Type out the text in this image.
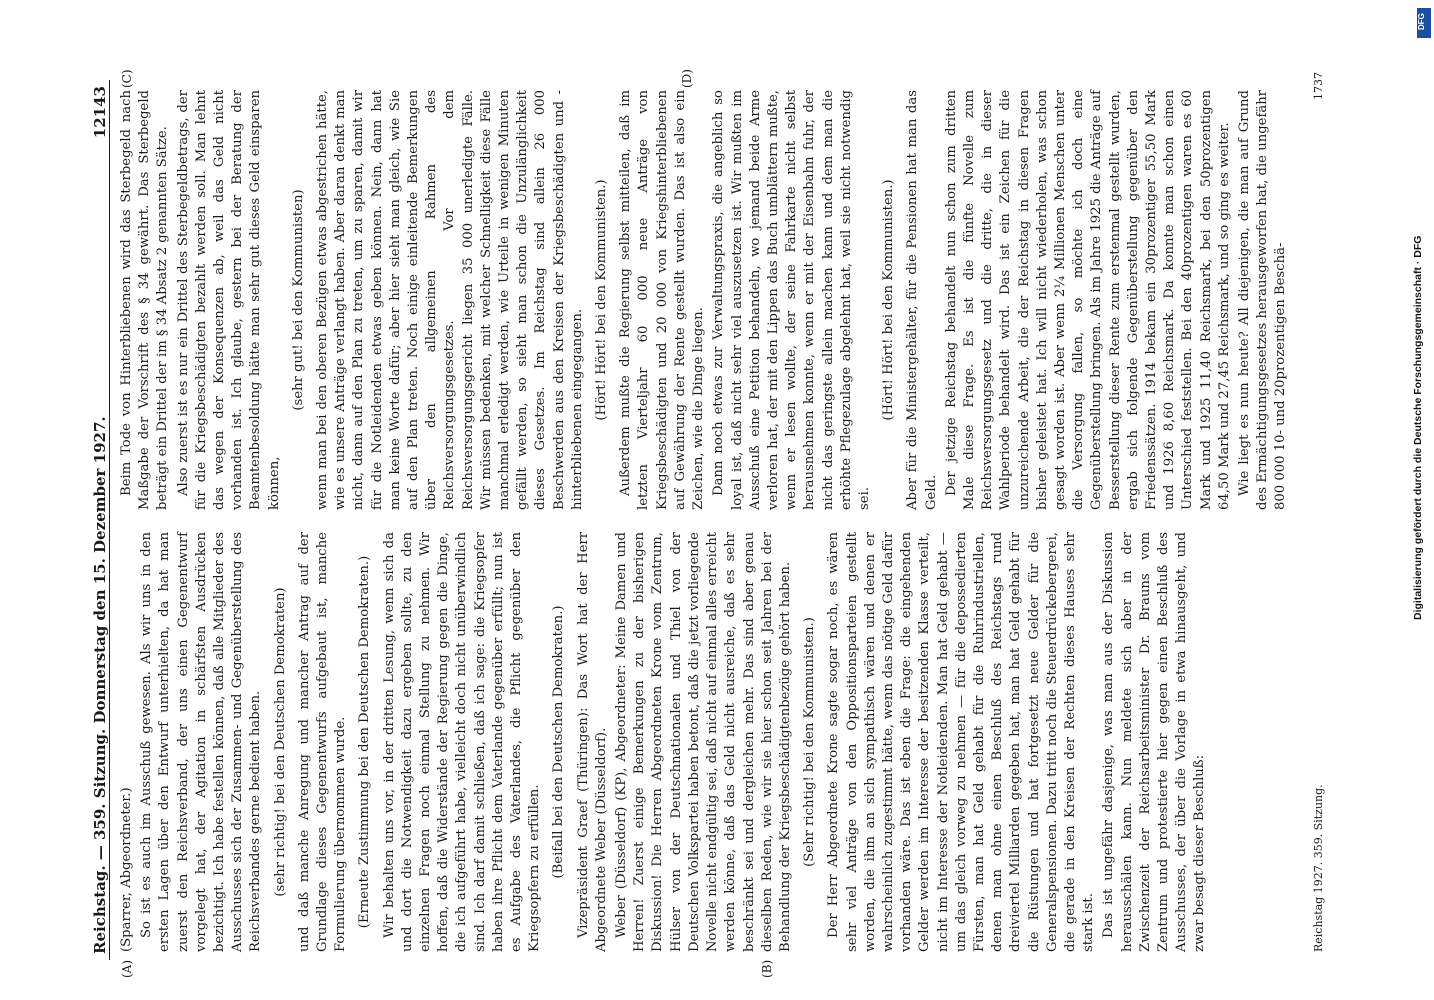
Reichstag. — 359. Sitzung. Donnerstag den 15. Dezember 1927.
12143
(A)	(B)
(C)	(D)

(Sparrer, Abgeordneter.) So ist es auch im Ausschuß gewesen. Als wir uns in den ersten Lagen über den Entwurf unterhielten, da hat man zuerst den Reichsverband, der uns einen Gegenentwurf vorgelegt hat, der Agitation in schärfsten Ausdrücken bezichtigt. Ich habe festellen können, daß alle Mitglieder des Ausschusses sich der Zusammen- und Gegenüberstellung des Reichsverbandes gerne bedient haben. (sehr richtig! bei den Deutschen Demokraten) und daß manche Anregung und mancher Antrag auf der Grundlage dieses Gegenentwurfs aufgebaut ist, manche Formulierung übernommen wurde. (Erneute Zustimmung bei den Deutschen Demokraten.) Wir behalten uns vor, in der dritten Lesung, wenn sich da und dort die Notwendigkeit dazu ergeben sollte, zu den einzelnen Fragen noch einmal Stellung zu nehmen. Wir hoffen, daß die Widerstände der Regierung gegen die Dinge, die ich aufgeführt habe, vielleicht doch nicht unüberwindlich sind. Ich darf damit schließen, daß ich sage: die Kriegsopfer haben ihre Pflicht dem Vaterlande gegenüber erfüllt; nun ist es Aufgabe des Vaterlandes, die Pflicht gegenüber den Kriegsopfern zu erfüllen. (Beifall bei den Deutschen Demokraten.) Vizepräsident Graef (Thüringen): Das Wort hat der Herr Abgeordnete Weber (Düsseldorf). Weber (Düsseldorf) (KP), Abgeordneter: Meine Damen und Herren! Zuerst einige Bemerkungen zu der bisherigen Diskussion! Die Herren Abgeordneten Krone vom Zentrum, Hülser von der Deutschnationalen und Thiel von der Deutschen Volkspartei haben betont, daß die jetzt vorliegende Novelle nicht endgültig sei, daß nicht auf einmal alles erreicht werden könne, daß das Geld nicht ausreiche, daß es sehr beschränkt sei und dergleichen mehr. Das sind aber genau dieselben Reden, wie wir sie hier schon seit Jahren bei der Behandlung der Kriegsbeschädigtenbezüge gehört haben. (Sehr richtig! bei den Kommunisten.) Der Herr Abgeordnete Krone sagte sogar noch, es wären sehr viel Anträge von den Oppositionsparteien gestellt worden, die ihm an sich sympathisch wären und denen er wahrscheinlich zugestimmt hätte, wenn das nötige Geld dafür vorhanden wäre. Das ist eben die Frage: die eingehenden Gelder werden im Interesse der besitzenden Klasse verteilt, nicht im Interesse der Notleidenden. Man hat Geld gehabt — um das gleich vorweg zu nehmen — für die depossedierten Fürsten, man hat Geld gehabt für die Ruhrindustriellen, denen man ohne einen Beschluß des Reichstags rund dreiviertel Milliarden gegeben hat, man hat Geld gehabt für die Rüstungen und hat fortgesetzt neue Gelder für die Generalspensionen. Dazu tritt noch die Steuerdrückebergerei, die gerade in den Kreisen der Rechten dieses Hauses sehr stark ist. Das ist ungefähr dasjenige, was man aus der Diskussion herausschälen kann. Nun meldete sich aber in der Zwischenzeit der Reichsarbeitsminister Dr. Brauns vom Zentrum und protestierte hier gegen einen Beschluß des Ausschusses, der über die Vorlage in etwa hinausgeht, und zwar besagt dieser Beschluß:

Beim Tode von Hinterbliebenen wird das Sterbegeld nach Maßgabe der Vorschrift des § 34 gewährt. Das Sterbegeld beträgt ein Drittel der im § 34 Absatz 2 genannten Sätze. Also zuerst ist es nur ein Drittel des Sterbegeldbetrags, der für die Kriegsbeschädigten bezahlt werden soll. Man lehnt das wegen der Konsequenzen ab, weil das Geld nicht vorhanden ist. Ich glaube, gestern bei der Beratung der Beamtenbesoldung hätte man sehr gut dieses Geld einsparen können,

(sehr gut! bei den Kommunisten) wenn man bei den oberen Bezügen etwas abgestrichen hätte, wie es unsere Anträge verlangt haben. Aber daran denkt man nicht, dann auf den Plan zu treten, um zu sparen, damit wir für die Notleidenden etwas geben können. Nein, dann hat man keine Worte dafür; aber hier sieht man gleich, wie Sie auf den Plan treten. Noch einige einleitende Bemerkungen über den allgemeinen Rahmen des Reichsversorgungsgesetzes. Vor dem Reichsversorgungsgericht liegen 35 000 unerledigte Fälle. Wir müssen bedenken, mit welcher Schnelligkeit diese Fälle manchmal erledigt werden, wie Urteile in wenigen Minuten gefällt werden, so sieht man schon die Unzulänglichkeit dieses Gesetzes. Im Reichstag sind allein 26 000 Beschwerden aus den Kreisen der Kriegsbeschädigten und -hinterbliebenen eingegangen. (Hört! Hört! bei den Kommunisten.) Außerdem mußte die Regierung selbst mitteilen, daß im letzten Vierteljahr 60 000 neue Anträge von Kriegsbeschädigten und 20 000 von Kriegshinterbliebenen auf Gewährung der Rente gestellt wurden. Das ist also ein Zeichen, wie die Dinge liegen. Dann noch etwas zur Verwaltungspraxis, die angeblich so loyal ist, daß nicht sehr viel auszusetzen ist. Wir mußten im Ausschuß eine Petition behandeln, wo jemand beide Arme verloren hat, der mit den Lippen das Buch umblättern mußte, wenn er lesen wollte, der seine Fahrkarte nicht selbst herausnehmen konnte, wenn er mit der Eisenbahn fuhr, der nicht das geringste allein machen kann und dem man die erhöhte Pflegezulage abgelehnt hat, weil sie nicht notwendig sei.

(Hört! Hört! bei den Kommunisten.) Aber für die Ministergehälter, für die Pensionen hat man das Geld. Der jetzige Reichstag behandelt nun schon zum dritten Male diese Frage. Es ist die fünfte Novelle zum Reichsversorgungsgesetz und die dritte, die in dieser Wahlperiode behandelt wird. Das ist ein Zeichen für die unzureichende Arbeit, die der Reichstag in diesen Fragen bisher geleistet hat. Ich will nicht wiederholen, was schon gesagt worden ist. Aber wenn 2¼ Millionen Menschen unter die Versorgung fallen, so möchte ich doch eine Gegenüberstellung bringen. Als im Jahre 1925 die Anträge auf Besserstellung dieser Rente zum erstenmal gestellt wurden, ergab sich folgende Gegenüberstellung gegenüber den Friedenssätzen. 1914 bekam ein 30prozentiger 55,50 Mark und 1926 8,60 Reichsmark. Da konnte man schon einen Unterschied feststellen. Bei den 40prozentigen waren es 60 Mark und 1925 11,40 Reichsmark, bei den 50prozentigen 64,50 Mark und 27,45 Reichsmark, und so ging es weiter. Wie liegt es nun heute? All diejenigen, die man auf Grund des Ermächtigungsgesetzes herausgeworfen hat, die ungefähr 800 000 10- und 20prozentigen Beschä-

Reichstag 1927. 359. Sitzung.
1737
Digitalisierung gefördert durch die Deutsche Forschungsgemeinschaft · DFG
DFG
